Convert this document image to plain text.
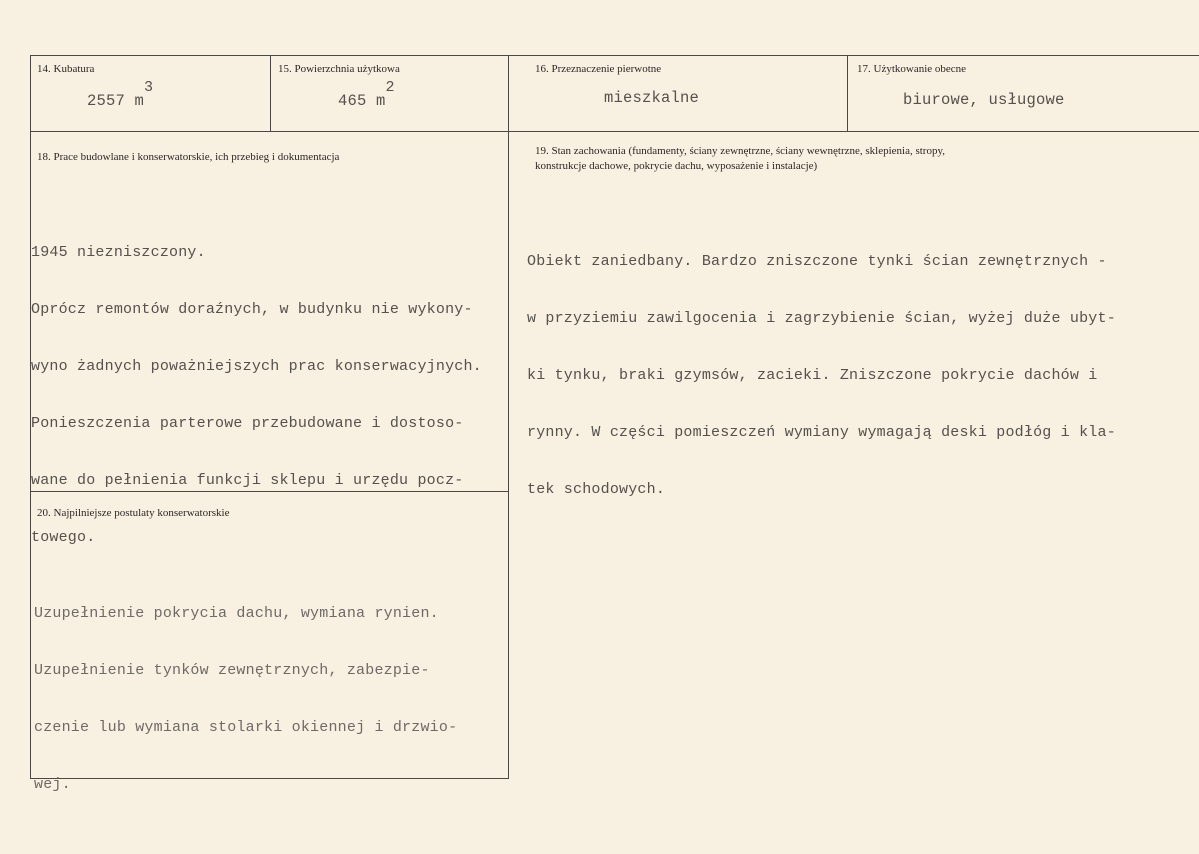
14. Kubatura
2557 m3
15. Powierzchnia użytkowa
465 m2
16. Przeznaczenie pierwotne
mieszkalne
17. Użytkowanie obecne
biurowe, usługowe
18. Prace budowlane i konserwatorskie, ich przebieg i dokumentacja

1945 niezniszczony.

Oprócz remontów doraźnych, w budynku nie wykony-

wyno żadnych poważniejszych prac konserwacyjnych.

Ponieszczenia parterowe przebudowane i dostoso-

wane do pełnienia funkcji sklepu i urzędu pocz-

towego.

19. Stan zachowania (fundamenty, ściany zewnętrzne, ściany wewnętrzne, sklepienia, stropy,
konstrukcje dachowe, pokrycie dachu, wyposażenie i instalacje)

Obiekt zaniedbany. Bardzo zniszczone tynki ścian zewnętrznych -

w przyziemiu zawilgocenia i zagrzybienie ścian, wyżej duże ubyt-

ki tynku, braki gzymsów, zacieki. Zniszczone pokrycie dachów i

rynny. W części pomieszczeń wymiany wymagają deski podłóg i kla-

tek schodowych.

20. Najpilniejsze postulaty konserwatorskie

Uzupełnienie pokrycia dachu, wymiana rynien.

Uzupełnienie tynków zewnętrznych, zabezpie-

czenie lub wymiana stolarki okiennej i drzwio-

wej.
